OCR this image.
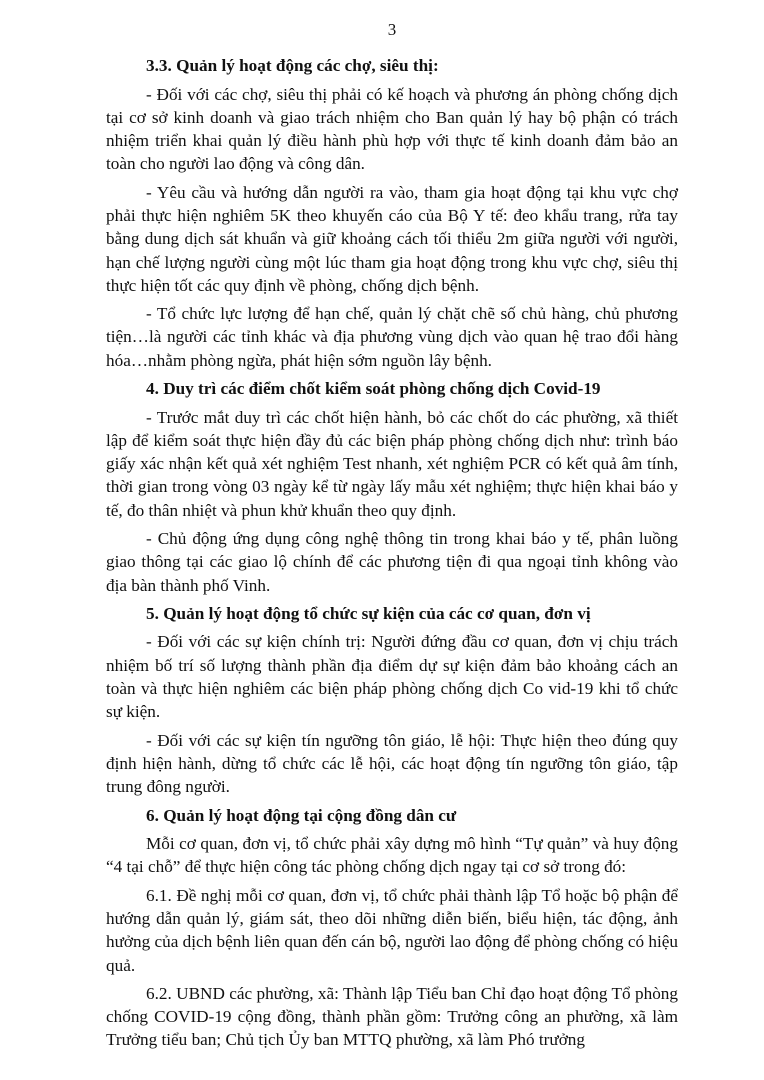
3
3.3. Quản lý hoạt động các chợ, siêu thị:
- Đối với các chợ, siêu thị phải có kế hoạch và phương án phòng chống dịch tại cơ sở kinh doanh và giao trách nhiệm cho Ban quản lý hay bộ phận có trách nhiệm triển khai quản lý điều hành phù hợp với thực tế kinh doanh đảm bảo an toàn cho người lao động và công dân.
- Yêu cầu và hướng dẫn người ra vào, tham gia hoạt động tại khu vực chợ phải thực hiện nghiêm 5K theo khuyến cáo của Bộ Y tế: đeo khẩu trang, rửa tay bằng dung dịch sát khuẩn và giữ khoảng cách tối thiểu 2m giữa người với người, hạn chế lượng người cùng một lúc tham gia hoạt động trong khu vực chợ, siêu thị thực hiện tốt các quy định về phòng, chống dịch bệnh.
- Tổ chức lực lượng để hạn chế, quản lý chặt chẽ số chủ hàng, chủ phương tiện…là người các tỉnh khác và địa phương vùng dịch vào quan hệ trao đổi hàng hóa…nhằm phòng ngừa, phát hiện sớm nguồn lây bệnh.
4. Duy trì các điểm chốt kiểm soát phòng chống dịch Covid-19
- Trước mắt duy trì các chốt hiện hành, bỏ các chốt do các phường, xã thiết lập để kiểm soát thực hiện đầy đủ các biện pháp phòng chống dịch như: trình báo giấy xác nhận kết quả xét nghiệm Test nhanh, xét nghiệm PCR có kết quả âm tính, thời gian trong vòng 03 ngày kể từ ngày lấy mẫu xét nghiệm; thực hiện khai báo y tế, đo thân nhiệt và phun khử khuẩn theo quy định.
- Chủ động ứng dụng công nghệ thông tin trong khai báo y tế, phân luồng giao thông tại các giao lộ chính để các phương tiện đi qua ngoại tỉnh không vào địa bàn thành phố Vinh.
5. Quản lý hoạt động tổ chức sự kiện của các cơ quan, đơn vị
- Đối với các sự kiện chính trị: Người đứng đầu cơ quan, đơn vị chịu trách nhiệm bố trí số lượng thành phần địa điểm dự sự kiện đảm bảo khoảng cách an toàn và thực hiện nghiêm các biện pháp phòng chống dịch Co vid-19 khi tổ chức sự kiện.
- Đối với các sự kiện tín ngưỡng tôn giáo, lễ hội: Thực hiện theo đúng quy định hiện hành, dừng tổ chức các lễ hội, các hoạt động tín ngưỡng tôn giáo, tập trung đông người.
6. Quản lý hoạt động tại cộng đồng dân cư
Mỗi cơ quan, đơn vị, tổ chức phải xây dựng mô hình “Tự quản” và huy động “4 tại chỗ” để thực hiện công tác phòng chống dịch ngay tại cơ sở trong đó:
6.1. Đề nghị mỗi cơ quan, đơn vị, tổ chức phải thành lập Tổ hoặc bộ phận để hướng dẫn quản lý, giám sát, theo dõi những diễn biến, biểu hiện, tác động, ảnh hưởng của dịch bệnh liên quan đến cán bộ, người lao động để phòng chống có hiệu quả.
6.2. UBND các phường, xã: Thành lập Tiểu ban Chỉ đạo hoạt động Tổ phòng chống COVID-19 cộng đồng, thành phần gồm: Trưởng công an phường, xã làm Trưởng tiểu ban; Chủ tịch Ủy ban MTTQ phường, xã làm Phó trưởng
